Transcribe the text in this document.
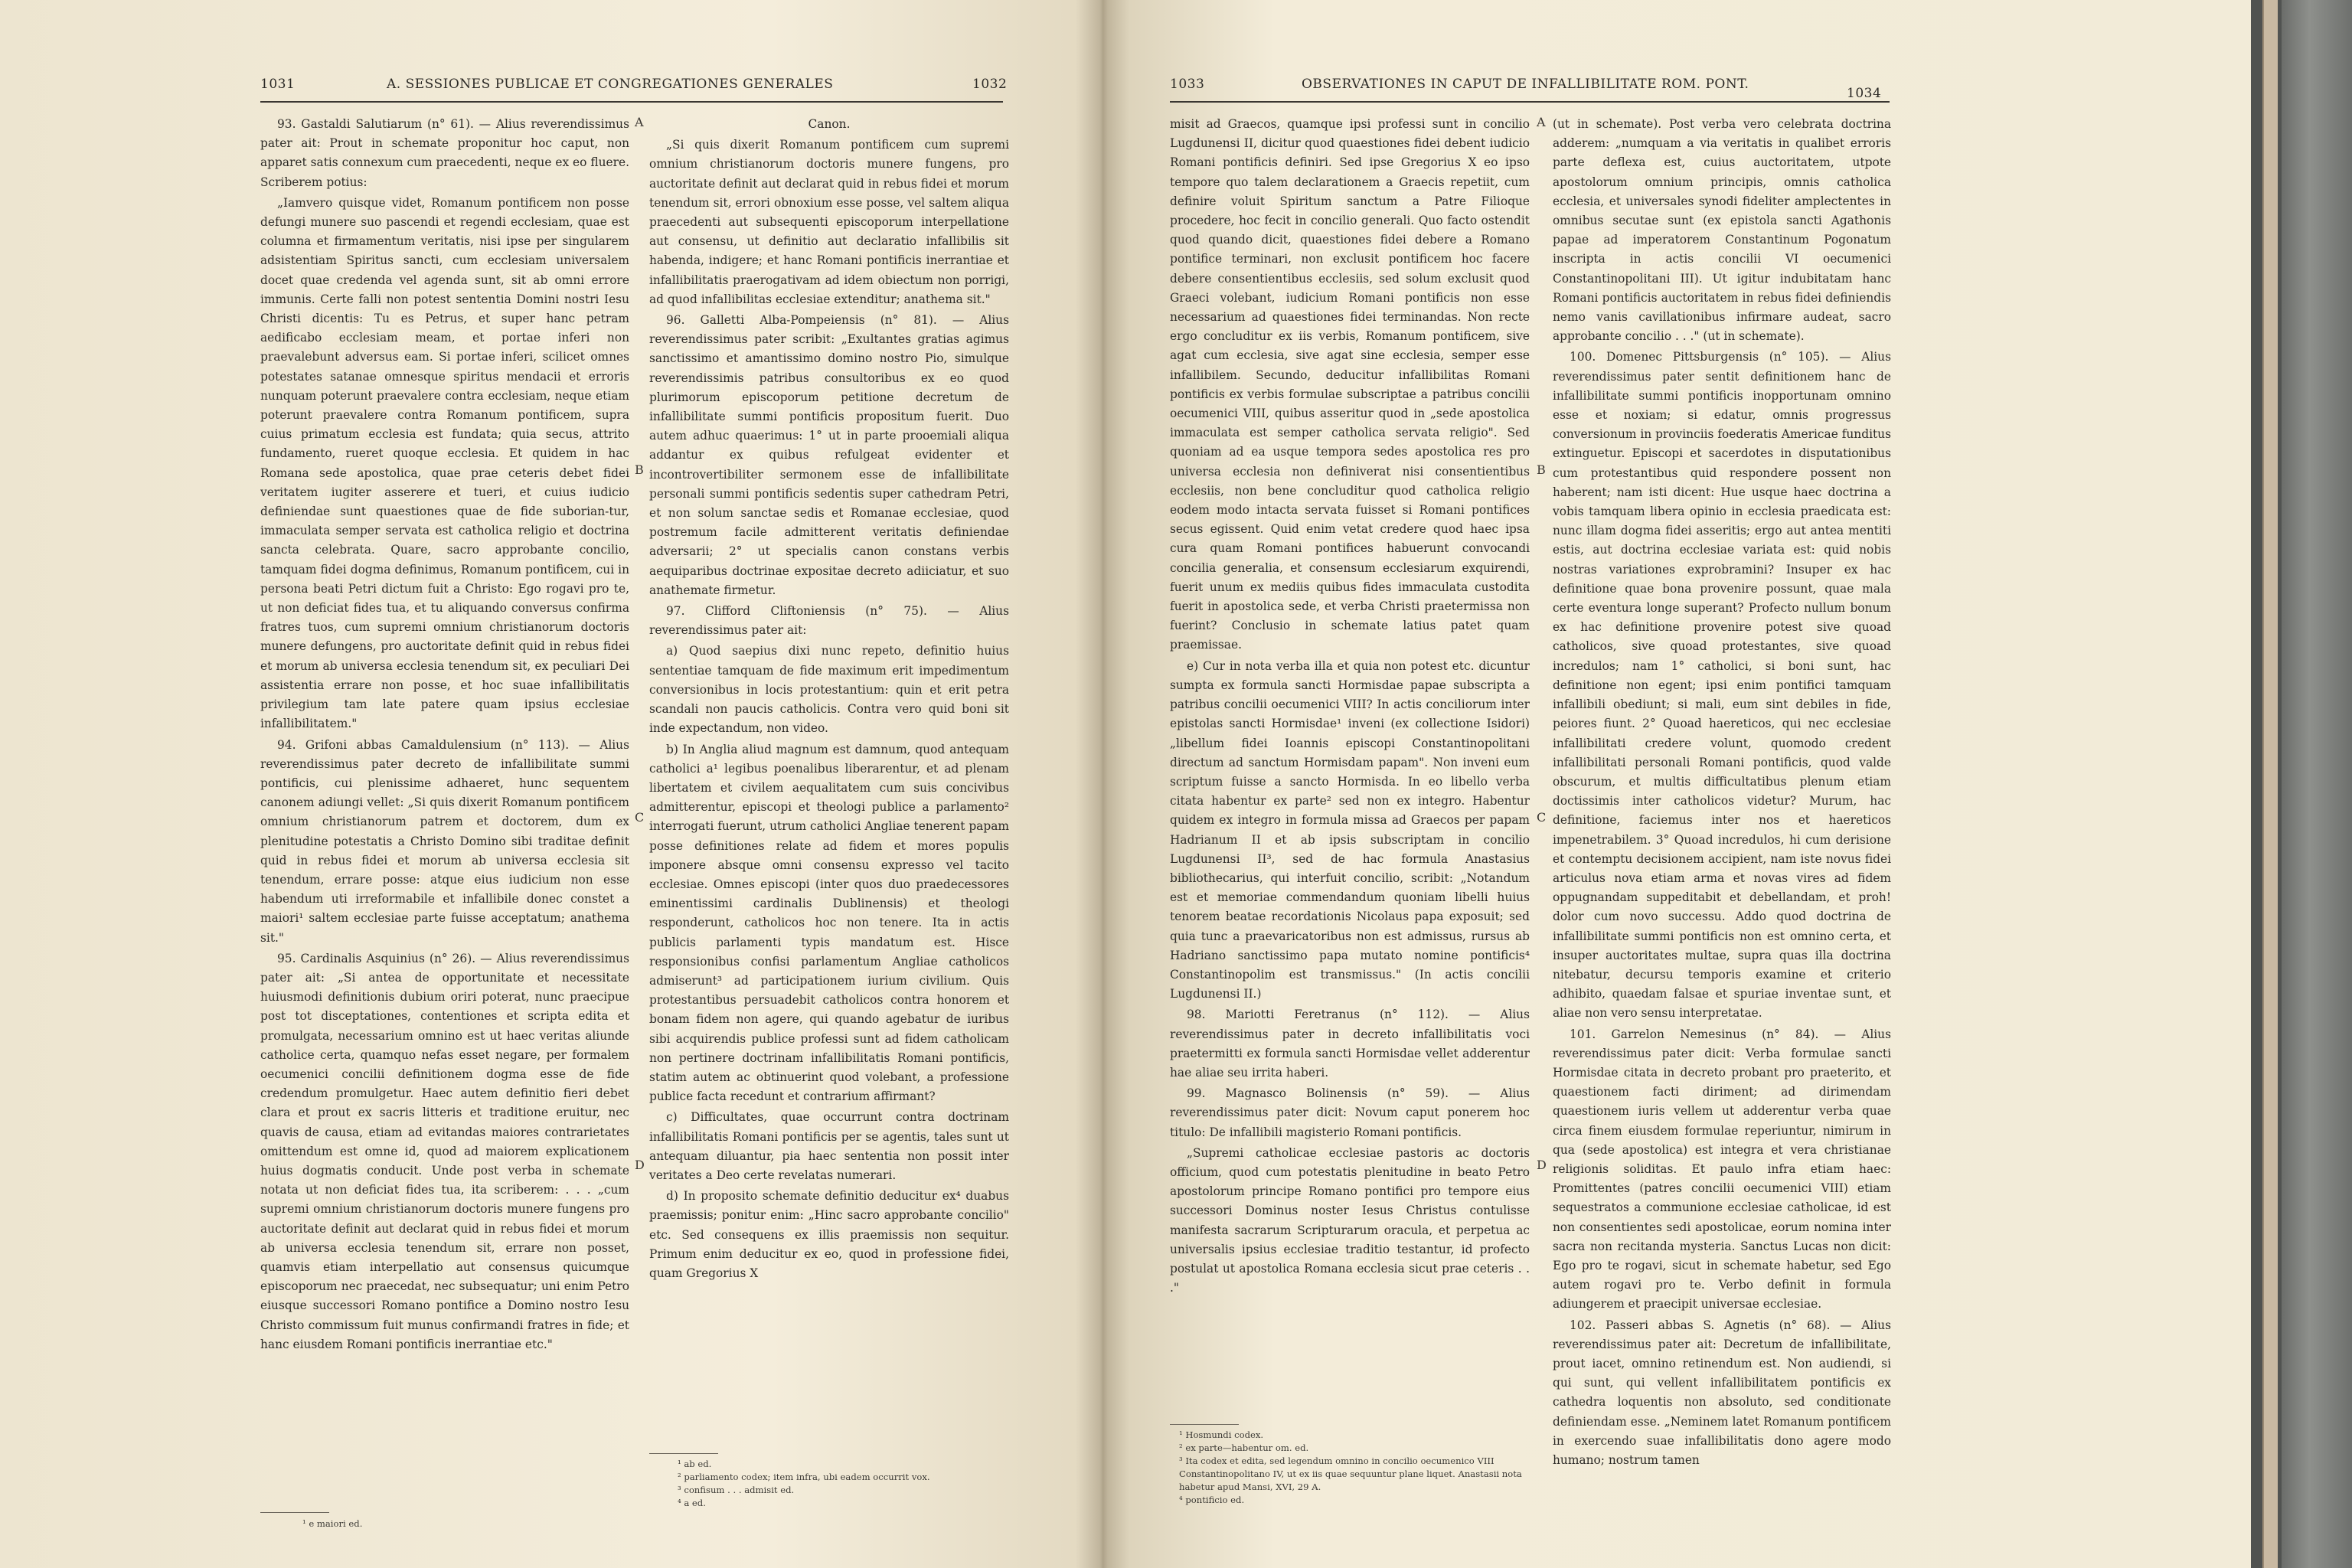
1031	A. SESSIONES PUBLICAE ET CONGREGATIONES GENERALES	1032

93. Gastaldi Salutiarum (n° 61). — Alius reverendissimus pater ait: Prout in schemate proponitur hoc caput, non apparet satis connexum cum praecedenti, neque ex eo fluere. Scriberem potius:

„Iamvero quisque videt, Romanum pontificem non posse defungi munere suo pascendi et regendi ecclesiam, quae est columna et firmamentum veritatis, nisi ipse per singularem adsistentiam Spiritus sancti, cum ecclesiam universalem docet quae credenda vel agenda sunt, sit ab omni errore immunis. Certe falli non potest sententia Domini nostri Iesu Christi dicentis: Tu es Petrus, et super hanc petram aedificabo ecclesiam meam, et portae inferi non praevalebunt adversus eam. Si portae inferi, scilicet omnes potestates satanae omnesque spiritus mendacii et erroris nunquam poterunt praevalere contra ecclesiam, neque etiam poterunt praevalere contra Romanum pontificem, supra cuius primatum ecclesia est fundata; quia secus, attrito fundamento, rueret quoque ecclesia. Et quidem in hac Romana sede apostolica, quae prae ceteris debet fidei veritatem iugiter asserere et tueri, et cuius iudicio definiendae sunt quaestiones quae de fide suborian-tur, immaculata semper servata est catholica religio et doctrina sancta celebrata. Quare, sacro approbante concilio, tamquam fidei dogma definimus, Romanum pontificem, cui in persona beati Petri dictum fuit a Christo: Ego rogavi pro te, ut non deficiat fides tua, et tu aliquando conversus confirma fratres tuos, cum supremi omnium christianorum doctoris munere defungens, pro auctoritate definit quid in rebus fidei et morum ab universa ecclesia tenendum sit, ex peculiari Dei assistentia errare non posse, et hoc suae infallibilitatis privilegium tam late patere quam ipsius ecclesiae infallibilitatem."

94. Grifoni abbas Camaldulensium (n° 113). — Alius reverendissimus pater decreto de infallibilitate summi pontificis, cui plenissime adhaeret, hunc sequentem canonem adiungi vellet: „Si quis dixerit Romanum pontificem omnium christianorum patrem et doctorem, dum ex plenitudine potestatis a Christo Domino sibi traditae definit quid in rebus fidei et morum ab universa ecclesia sit tenendum, errare posse: atque eius iudicium non esse habendum uti irreformabile et infallibile donec constet a maiori¹ saltem ecclesiae parte fuisse acceptatum; anathema sit."

95. Cardinalis Asquinius (n° 26). — Alius reverendissimus pater ait: „Si antea de opportunitate et necessitate huiusmodi definitionis dubium oriri poterat, nunc praecipue post tot disceptationes, contentiones et scripta edita et promulgata, necessarium omnino est ut haec veritas aliunde catholice certa, quamquo nefas esset negare, per formalem oecumenici concilii definitionem dogma esse de fide credendum promulgetur. Haec autem definitio fieri debet clara et prout ex sacris litteris et traditione eruitur, nec quavis de causa, etiam ad evitandas maiores contrarietates omittendum est omne id, quod ad maiorem explicationem huius dogmatis conducit. Unde post verba in schemate notata ut non deficiat fides tua, ita scriberem: . . . „cum supremi omnium christianorum doctoris munere fungens pro auctoritate definit aut declarat quid in rebus fidei et morum ab universa ecclesia tenendum sit, errare non posset, quamvis etiam interpellatio aut consensus quicumque episcoporum nec praecedat, nec subsequatur; uni enim Petro eiusque successori Romano pontifice a Domino nostro Iesu Christo commissum fuit munus confirmandi fratres in fide; et hanc eiusdem Romani pontificis inerrantiae etc."

Canon.

„Si quis dixerit Romanum pontificem cum supremi omnium christianorum doctoris munere fungens, pro auctoritate definit aut declarat quid in rebus fidei et morum tenendum sit, errori obnoxium esse posse, vel saltem aliqua praecedenti aut subsequenti episcoporum interpellatione aut consensu, ut definitio aut declaratio infallibilis sit habenda, indigere; et hanc Romani pontificis inerrantiae et infallibilitatis praerogativam ad idem obiectum non porrigi, ad quod infallibilitas ecclesiae extenditur; anathema sit."

96. Galletti Alba-Pompeiensis (n° 81). — Alius reverendissimus pater scribit: „Exultantes gratias agimus sanctissimo et amantissimo domino nostro Pio, simulque reverendissimis patribus consultoribus ex eo quod plurimorum episcoporum petitione decretum de infallibilitate summi pontificis propositum fuerit. Duo autem adhuc quaerimus: 1° ut in parte prooemiali aliqua addantur ex quibus refulgeat evidenter et incontrovertibiliter sermonem esse de infallibilitate personali summi pontificis sedentis super cathedram Petri, et non solum sanctae sedis et Romanae ecclesiae, quod postremum facile admitterent veritatis definiendae adversarii; 2° ut specialis canon constans verbis aequiparibus doctrinae expositae decreto adiiciatur, et suo anathemate firmetur.

97. Clifford Cliftoniensis (n° 75). — Alius reverendissimus pater ait:

a) Quod saepius dixi nunc repeto, definitio huius sententiae tamquam de fide maximum erit impedimentum conversionibus in locis protestantium: quin et erit petra scandali non paucis catholicis. Contra vero quid boni sit inde expectandum, non video.

b) In Anglia aliud magnum est damnum, quod antequam catholici a¹ legibus poenalibus liberarentur, et ad plenam libertatem et civilem aequalitatem cum suis concivibus admitterentur, episcopi et theologi publice a parlamento² interrogati fuerunt, utrum catholici Angliae tenerent papam posse definitiones relate ad fidem et mores populis imponere absque omni consensu expresso vel tacito ecclesiae. Omnes episcopi (inter quos duo praedecessores eminentissimi cardinalis Dublinensis) et theologi responderunt, catholicos hoc non tenere. Ita in actis publicis parlamenti typis mandatum est. Hisce responsionibus confisi parlamentum Angliae catholicos admiserunt³ ad participationem iurium civilium. Quis protestantibus persuadebit catholicos contra honorem et bonam fidem non agere, qui quando agebatur de iuribus sibi acquirendis publice professi sunt ad fidem catholicam non pertinere doctrinam infallibilitatis Romani pontificis, statim autem ac obtinuerint quod volebant, a professione publice facta recedunt et contrarium affirmant?

c) Difficultates, quae occurrunt contra doctrinam infallibilitatis Romani pontificis per se agentis, tales sunt ut antequam diluantur, pia haec sententia non possit inter veritates a Deo certe revelatas numerari.

d) In proposito schemate definitio deducitur ex⁴ duabus praemissis; ponitur enim: „Hinc sacro approbante concilio" etc. Sed consequens ex illis praemissis non sequitur. Primum enim deducitur ex eo, quod in professione fidei, quam Gregorius X

¹ e maiori ed.
¹ ab ed.
² parliamento codex; item infra, ubi eadem occurrit vox.
³ confisum . . . admisit ed.
⁴ a ed.
A
B
C
D
1033	OBSERVATIONES IN CAPUT DE INFALLIBILITATE ROM. PONT.
1034

misit ad Graecos, quamque ipsi professi sunt in concilio Lugdunensi II, dicitur quod quaestiones fidei debent iudicio Romani pontificis definiri. Sed ipse Gregorius X eo ipso tempore quo talem declarationem a Graecis repetiit, cum definire voluit Spiritum sanctum a Patre Filioque procedere, hoc fecit in concilio generali. Quo facto ostendit quod quando dicit, quaestiones fidei debere a Romano pontifice terminari, non exclusit pontificem hoc facere debere consentientibus ecclesiis, sed solum exclusit quod Graeci volebant, iudicium Romani pontificis non esse necessarium ad quaestiones fidei terminandas. Non recte ergo concluditur ex iis verbis, Romanum pontificem, sive agat cum ecclesia, sive agat sine ecclesia, semper esse infallibilem. Secundo, deducitur infallibilitas Romani pontificis ex verbis formulae subscriptae a patribus concilii oecumenici VIII, quibus asseritur quod in „sede apostolica immaculata est semper catholica servata religio". Sed quoniam ad ea usque tempora sedes apostolica res pro universa ecclesia non definiverat nisi consentientibus ecclesiis, non bene concluditur quod catholica religio eodem modo intacta servata fuisset si Romani pontifices secus egissent. Quid enim vetat credere quod haec ipsa cura quam Romani pontifices habuerunt convocandi concilia generalia, et consensum ecclesiarum exquirendi, fuerit unum ex mediis quibus fides immaculata custodita fuerit in apostolica sede, et verba Christi praetermissa non fuerint? Conclusio in schemate latius patet quam praemissae.

e) Cur in nota verba illa et quia non potest etc. dicuntur sumpta ex formula sancti Hormisdae papae subscripta a patribus concilii oecumenici VIII? In actis conciliorum inter epistolas sancti Hormisdae¹ inveni (ex collectione Isidori) „libellum fidei Ioannis episcopi Constantinopolitani directum ad sanctum Hormisdam papam". Non inveni eum scriptum fuisse a sancto Hormisda. In eo libello verba citata habentur ex parte² sed non ex integro. Habentur quidem ex integro in formula missa ad Graecos per papam Hadrianum II et ab ipsis subscriptam in concilio Lugdunensi II³, sed de hac formula Anastasius bibliothecarius, qui interfuit concilio, scribit: „Notandum est et memoriae commendandum quoniam libelli huius tenorem beatae recordationis Nicolaus papa exposuit; sed quia tunc a praevaricatoribus non est admissus, rursus ab Hadriano sanctissimo papa mutato nomine pontificis⁴ Constantinopolim est transmissus." (In actis concilii Lugdunensi II.)

98. Mariotti Feretranus (n° 112). — Alius reverendissimus pater in decreto infallibilitatis voci praetermitti ex formula sancti Hormisdae vellet adderentur hae aliae seu irrita haberi.

99. Magnasco Bolinensis (n° 59). — Alius reverendissimus pater dicit: Novum caput ponerem hoc titulo: De infallibili magisterio Romani pontificis.

„Supremi catholicae ecclesiae pastoris ac doctoris officium, quod cum potestatis plenitudine in beato Petro apostolorum principe Romano pontifici pro tempore eius successori Dominus noster Iesus Christus contulisse manifesta sacrarum Scripturarum oracula, et perpetua ac universalis ipsius ecclesiae traditio testantur, id profecto postulat ut apostolica Romana ecclesia sicut prae ceteris . . ."

(ut in schemate). Post verba vero celebrata doctrina adderem: „numquam a via veritatis in qualibet erroris parte deflexa est, cuius auctoritatem, utpote apostolorum omnium principis, omnis catholica ecclesia, et universales synodi fideliter amplectentes in omnibus secutae sunt (ex epistola sancti Agathonis papae ad imperatorem Constantinum Pogonatum inscripta in actis concilii VI oecumenici Constantinopolitani III). Ut igitur indubitatam hanc Romani pontificis auctoritatem in rebus fidei definiendis nemo vanis cavillationibus infirmare audeat, sacro approbante concilio . . ." (ut in schemate).

100. Domenec Pittsburgensis (n° 105). — Alius reverendissimus pater sentit definitionem hanc de infallibilitate summi pontificis inopportunam omnino esse et noxiam; si edatur, omnis progressus conversionum in provinciis foederatis Americae funditus extinguetur. Episcopi et sacerdotes in disputationibus cum protestantibus quid respondere possent non haberent; nam isti dicent: Hue usque haec doctrina a vobis tamquam libera opinio in ecclesia praedicata est: nunc illam dogma fidei asseritis; ergo aut antea mentiti estis, aut doctrina ecclesiae variata est: quid nobis nostras variationes exprobramini? Insuper ex hac definitione quae bona provenire possunt, quae mala certe eventura longe superant? Profecto nullum bonum ex hac definitione provenire potest sive quoad catholicos, sive quoad protestantes, sive quoad incredulos; nam 1° catholici, si boni sunt, hac definitione non egent; ipsi enim pontifici tamquam infallibili obediunt; si mali, eum sint debiles in fide, peiores fiunt. 2° Quoad haereticos, qui nec ecclesiae infallibilitati credere volunt, quomodo credent infallibilitati personali Romani pontificis, quod valde obscurum, et multis difficultatibus plenum etiam doctissimis inter catholicos videtur? Murum, hac definitione, faciemus inter nos et haereticos impenetrabilem. 3° Quoad incredulos, hi cum derisione et contemptu decisionem accipient, nam iste novus fidei articulus nova etiam arma et novas vires ad fidem oppugnandam suppeditabit et debellandam, et proh! dolor cum novo successu. Addo quod doctrina de infallibilitate summi pontificis non est omnino certa, et insuper auctoritates multae, supra quas illa doctrina nitebatur, decursu temporis examine et criterio adhibito, quaedam falsae et spuriae inventae sunt, et aliae non vero sensu interpretatae.

101. Garrelon Nemesinus (n° 84). — Alius reverendissimus pater dicit: Verba formulae sancti Hormisdae citata in decreto probant pro praeterito, et quaestionem facti diriment; ad dirimendam quaestionem iuris vellem ut adderentur verba quae circa finem eiusdem formulae reperiuntur, nimirum in qua (sede apostolica) est integra et vera christianae religionis soliditas. Et paulo infra etiam haec: Promittentes (patres concilii oecumenici VIII) etiam sequestratos a communione ecclesiae catholicae, id est non consentientes sedi apostolicae, eorum nomina inter sacra non recitanda mysteria. Sanctus Lucas non dicit: Ego pro te rogavi, sicut in schemate habetur, sed Ego autem rogavi pro te. Verbo definit in formula adiungerem et praecipit universae ecclesiae.

102. Passeri abbas S. Agnetis (n° 68). — Alius reverendissimus pater ait: Decretum de infallibilitate, prout iacet, omnino retinendum est. Non audiendi, si qui sunt, qui vellent infallibilitatem pontificis ex cathedra loquentis non absoluto, sed conditionate definiendam esse. „Neminem latet Romanum pontificem in exercendo suae infallibilitatis dono agere modo humano; nostrum tamen

¹ Hosmundi codex.
² ex parte—habentur om. ed.
³ Ita codex et edita, sed legendum omnino in concilio oecumenico VIII Constantinopolitano IV, ut ex iis quae sequuntur plane liquet. Anastasii nota habetur apud Mansi, XVI, 29 A.
⁴ pontificio ed.
A
B
C
D
